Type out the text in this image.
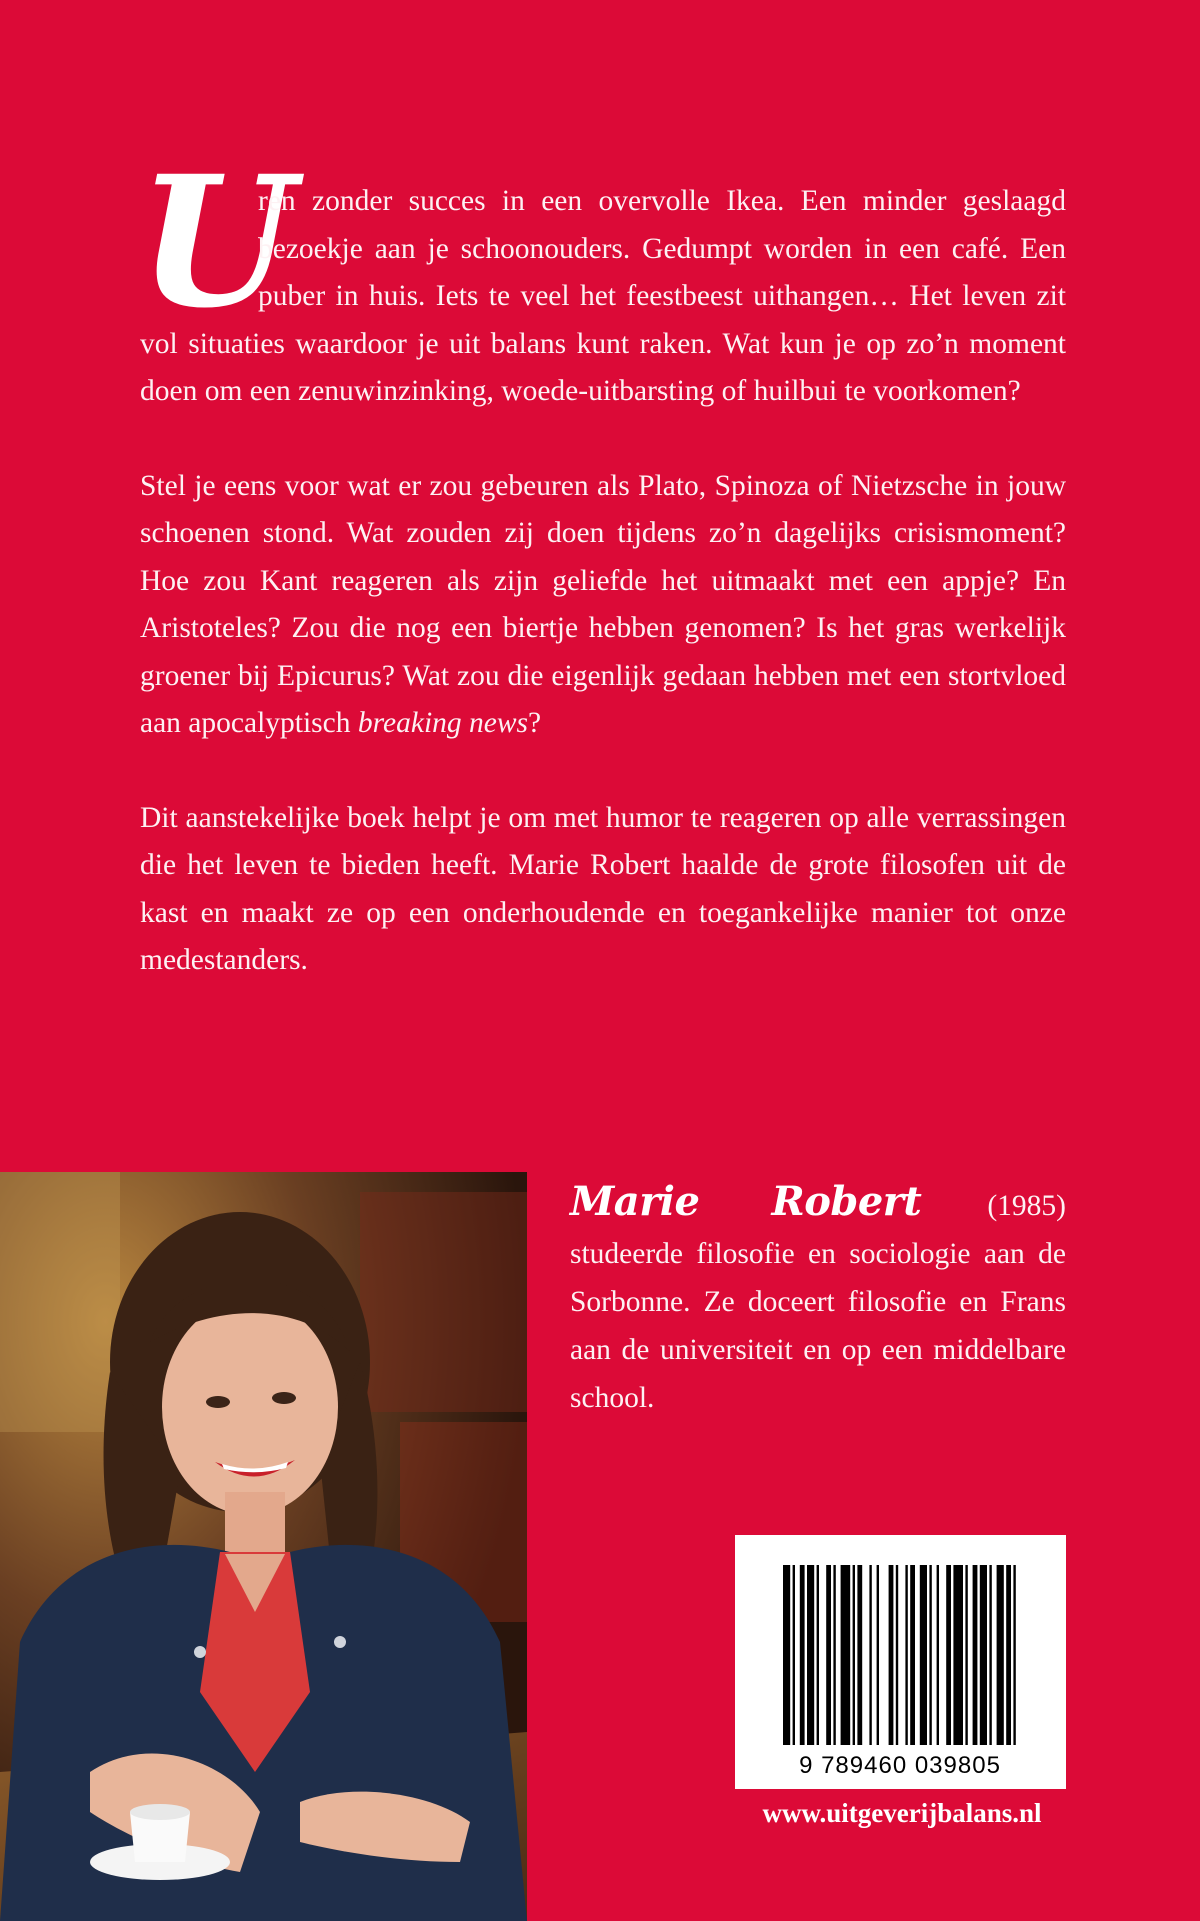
U
ren zonder succes in een overvolle Ikea. Een minder geslaagd bezoekje aan je schoonouders. Gedumpt worden in een café. Een puber in huis. Iets te veel het feestbeest uithangen… Het leven zit vol situaties waardoor je uit balans kunt raken. Wat kun je op zo’n moment doen om een zenuwinzinking, woede-uitbarsting of huilbui te voorkomen?

Stel je eens voor wat er zou gebeuren als Plato, Spinoza of Nietzsche in jouw schoenen stond. Wat zouden zij doen tijdens zo’n dagelijks crisismoment? Hoe zou Kant reageren als zijn geliefde het uitmaakt met een appje? En Aristoteles? Zou die nog een biertje hebben genomen? Is het gras werkelijk groener bij Epicurus? Wat zou die eigenlijk gedaan hebben met een stortvloed aan apocalyptisch breaking news?

Dit aanstekelijke boek helpt je om met humor te reageren op alle verrassingen die het leven te bieden heeft. Marie Robert haalde de grote filosofen uit de kast en maakt ze op een onderhoudende en toegankelijke manier tot onze medestanders.

Marie Robert (1985) studeerde filosofie en sociologie aan de Sorbonne. Ze doceert filosofie en Frans aan de universiteit en op een middelbare school.
9 789460 039805
www.uitgeverijbalans.nl
